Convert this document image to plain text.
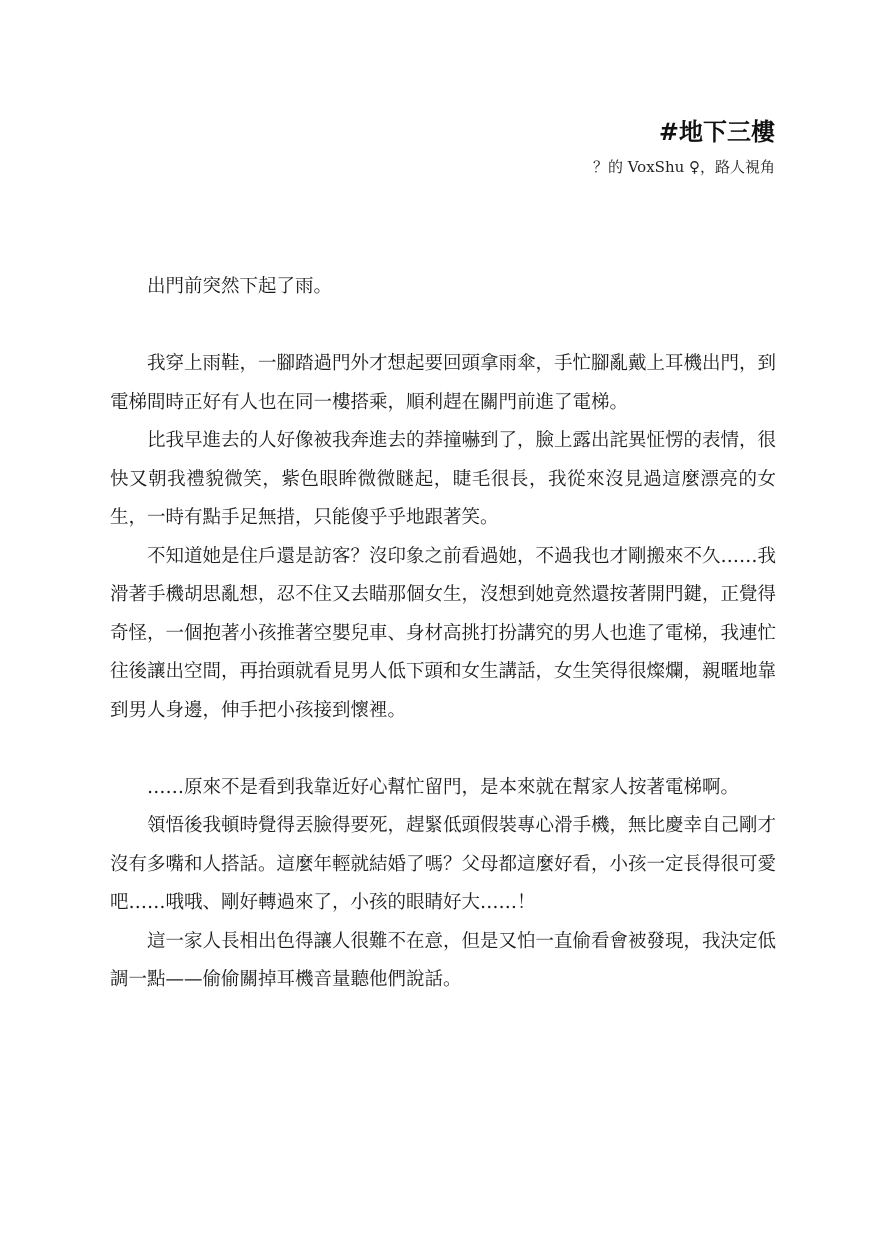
#地下三樓
？的 VoxShu ♀，路人視角

出門前突然下起了雨。

我穿上雨鞋，一腳踏過門外才想起要回頭拿雨傘，手忙腳亂戴上耳機出門，到電梯間時正好有人也在同一樓搭乘，順利趕在關門前進了電梯。

比我早進去的人好像被我奔進去的莽撞嚇到了，臉上露出詫異怔愣的表情，很快又朝我禮貌微笑，紫色眼眸微微瞇起，睫毛很長，我從來沒見過這麼漂亮的女生，一時有點手足無措，只能傻乎乎地跟著笑。

不知道她是住戶還是訪客？沒印象之前看過她，不過我也才剛搬來不久……我滑著手機胡思亂想，忍不住又去瞄那個女生，沒想到她竟然還按著開門鍵，正覺得奇怪，一個抱著小孩推著空嬰兒車、身材高挑打扮講究的男人也進了電梯，我連忙往後讓出空間，再抬頭就看見男人低下頭和女生講話，女生笑得很燦爛，親暱地靠到男人身邊，伸手把小孩接到懷裡。

……原來不是看到我靠近好心幫忙留門，是本來就在幫家人按著電梯啊。

領悟後我頓時覺得丟臉得要死，趕緊低頭假裝專心滑手機，無比慶幸自己剛才沒有多嘴和人搭話。這麼年輕就結婚了嗎？父母都這麼好看，小孩一定長得很可愛吧……哦哦、剛好轉過來了，小孩的眼睛好大……！

這一家人長相出色得讓人很難不在意，但是又怕一直偷看會被發現，我決定低調一點——偷偷關掉耳機音量聽他們說話。
